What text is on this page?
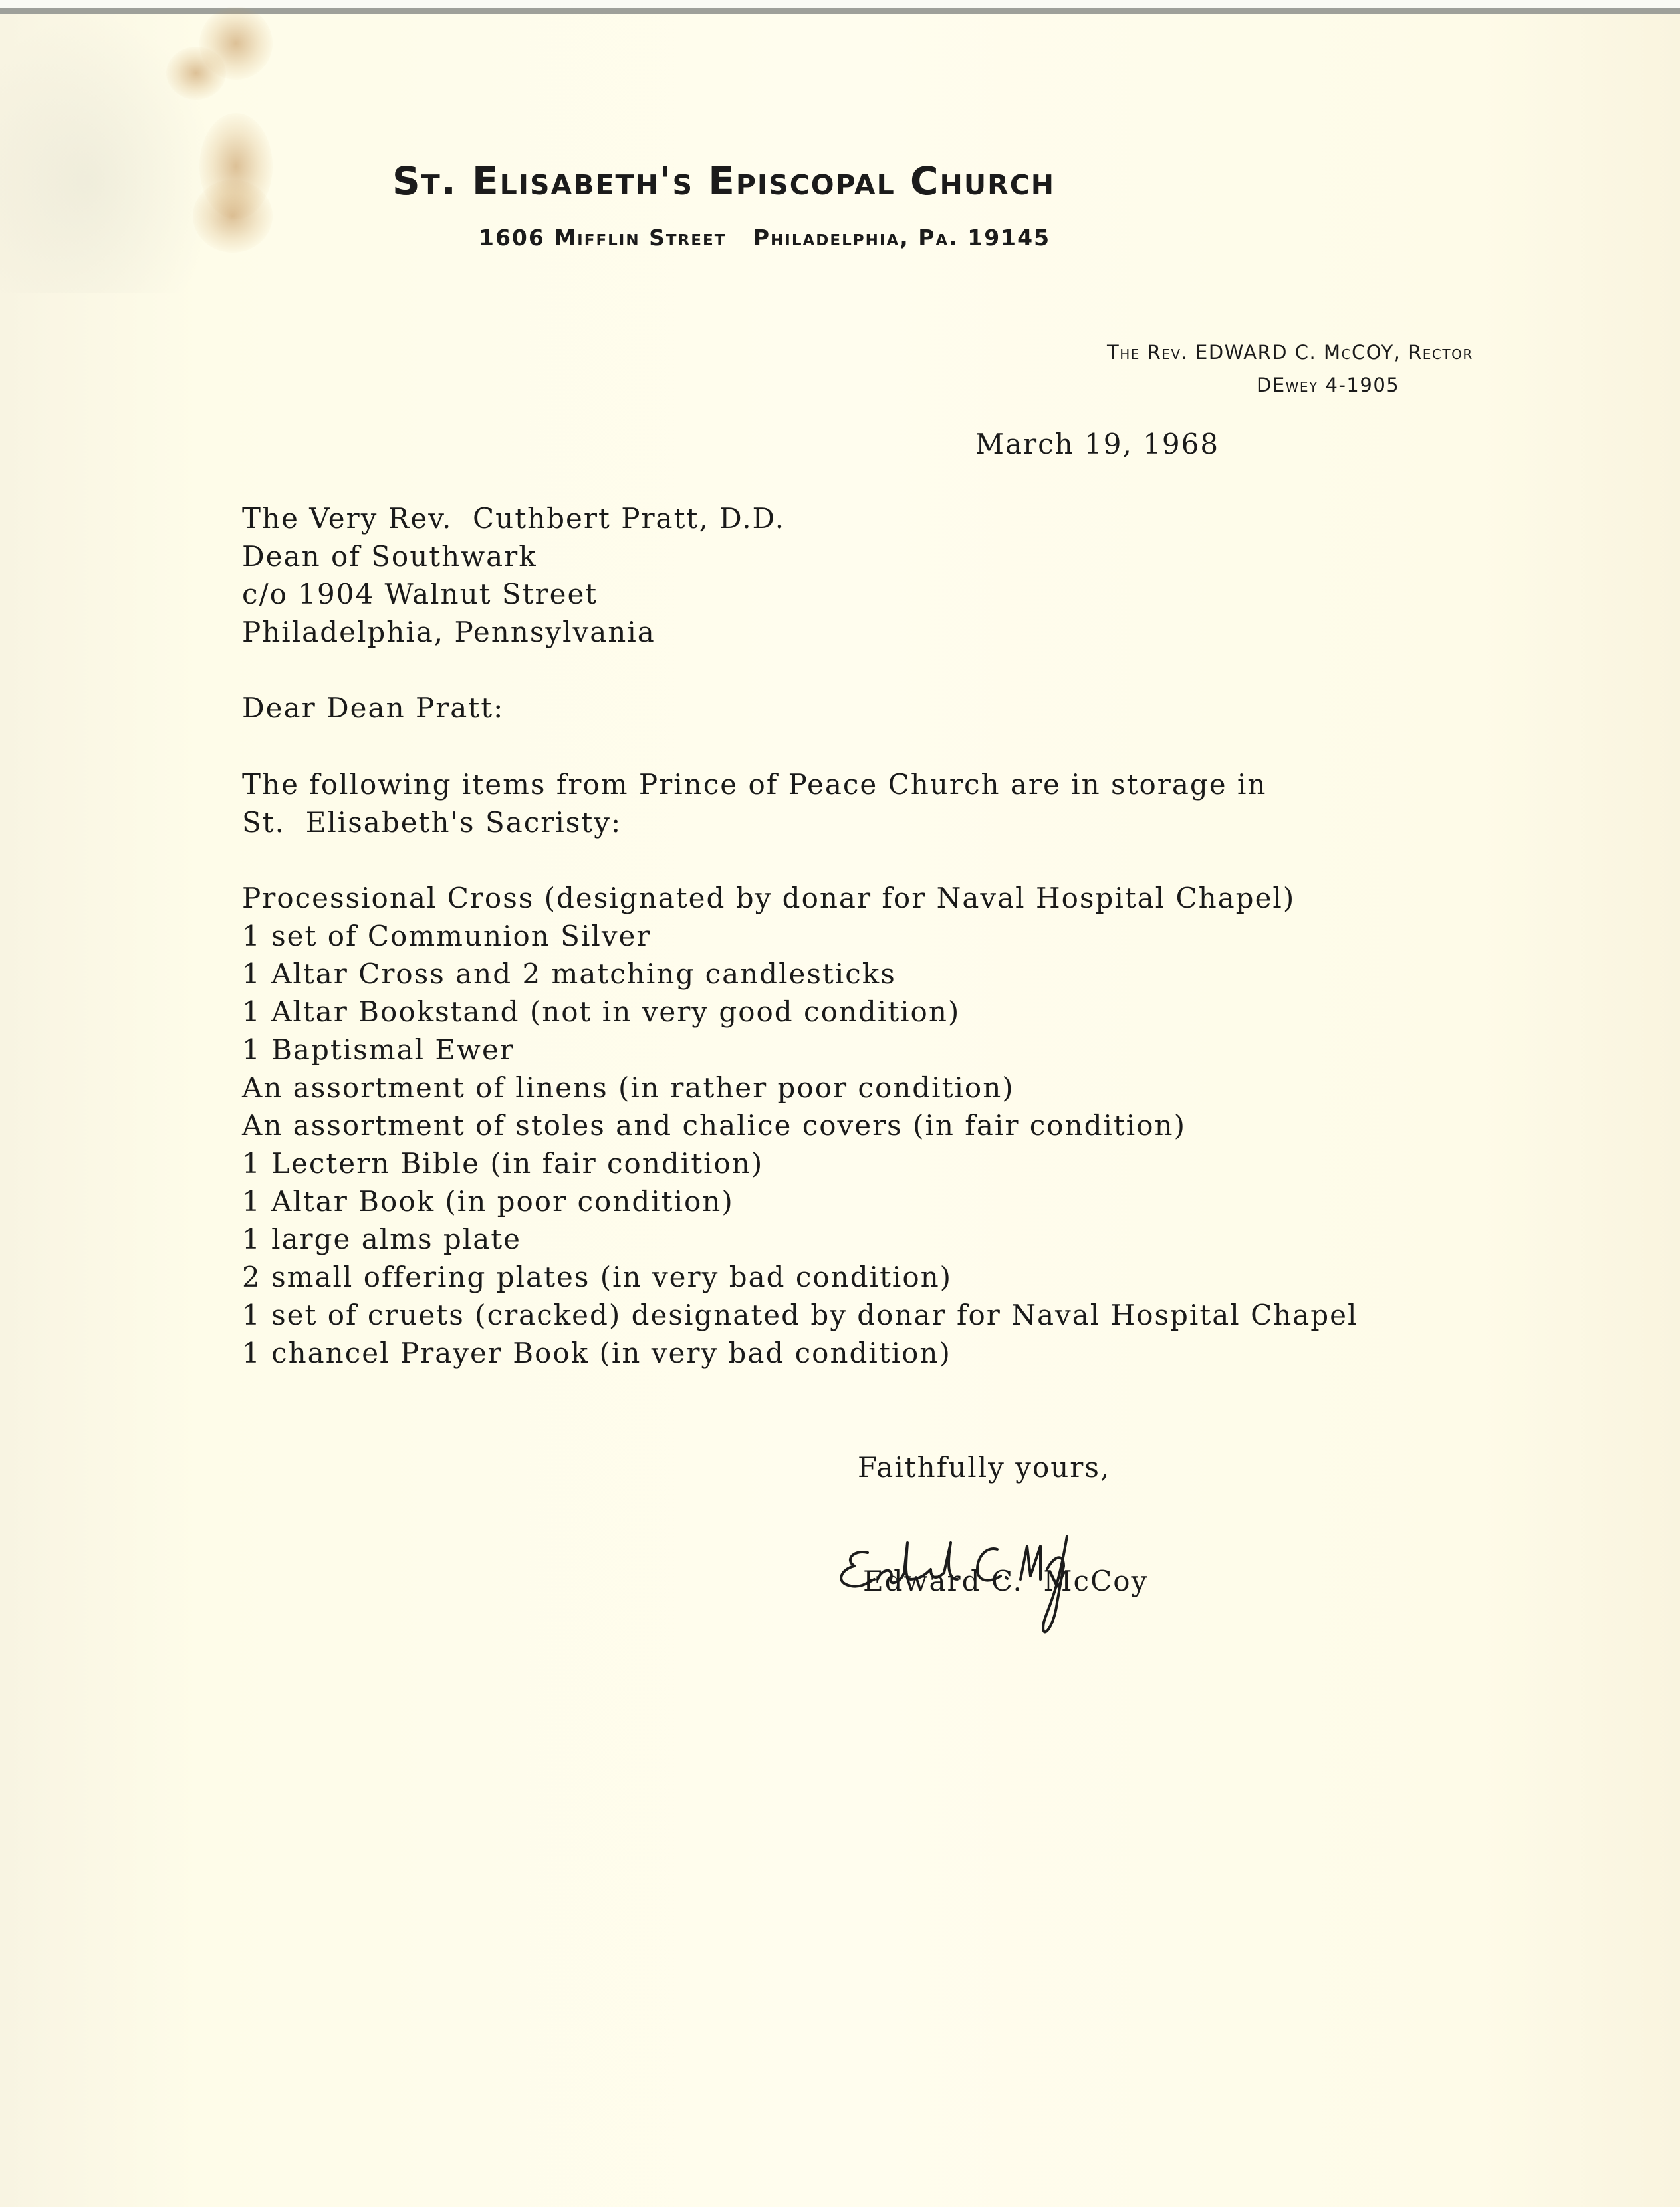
St. Elisabeth's Episcopal Church
1606 Mifflin Street   Philadelphia, Pa. 19145
The Rev. EDWARD C. McCOY, Rector
DEwey 4-1905
March 19, 1968
The Very Rev.  Cuthbert Pratt, D.D.
Dean of Southwark
c/o 1904 Walnut Street
Philadelphia, Pennsylvania
Dear Dean Pratt:
The following items from Prince of Peace Church are in storage in
St.  Elisabeth's Sacristy:
Processional Cross (designated by donar for Naval Hospital Chapel)
1 set of Communion Silver
1 Altar Cross and 2 matching candlesticks
1 Altar Bookstand (not in very good condition)
1 Baptismal Ewer
An assortment of linens (in rather poor condition)
An assortment of stoles and chalice covers (in fair condition)
1 Lectern Bible (in fair condition)
1 Altar Book (in poor condition)
1 large alms plate
2 small offering plates (in very bad condition)
1 set of cruets (cracked) designated by donar for Naval Hospital Chapel
1 chancel Prayer Book (in very bad condition)
Faithfully yours,
Edward C.  McCoy
